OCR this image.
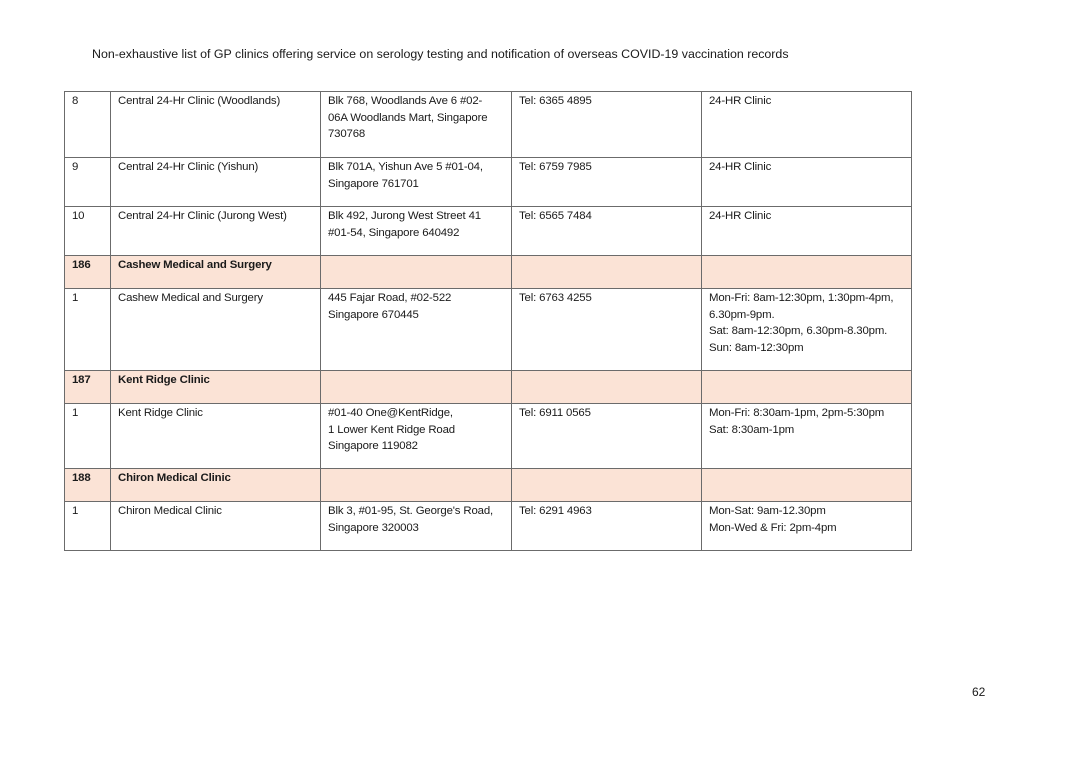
Non-exhaustive list of GP clinics offering service on serology testing and notification of overseas COVID-19 vaccination records
8	Central 24-Hr Clinic (Woodlands)	Blk 768, Woodlands Ave 6 #02-
06A Woodlands Mart, Singapore
730768	Tel: 6365 4895	24-HR Clinic
9	Central 24-Hr Clinic (Yishun)	Blk 701A, Yishun Ave 5 #01-04,
Singapore 761701	Tel: 6759 7985	24-HR Clinic
10	Central 24-Hr Clinic (Jurong West)	Blk 492, Jurong West Street 41
#01-54, Singapore 640492	Tel: 6565 7484	24-HR Clinic
186	Cashew Medical and Surgery			
1	Cashew Medical and Surgery	445 Fajar Road, #02-522
Singapore 670445	Tel: 6763 4255	Mon-Fri: 8am-12:30pm, 1:30pm-4pm,
6.30pm-9pm.
Sat: 8am-12:30pm, 6.30pm-8.30pm.
Sun: 8am-12:30pm
187	Kent Ridge Clinic			
1	Kent Ridge Clinic	#01-40 One@KentRidge,
1 Lower Kent Ridge Road
Singapore 119082	Tel: 6911 0565	Mon-Fri: 8:30am-1pm, 2pm-5:30pm
Sat: 8:30am-1pm
188	Chiron Medical Clinic			
1	Chiron Medical Clinic	Blk 3, #01-95, St. George's Road,
Singapore 320003	Tel: 6291 4963	Mon-Sat: 9am-12.30pm
Mon-Wed & Fri: 2pm-4pm
62
